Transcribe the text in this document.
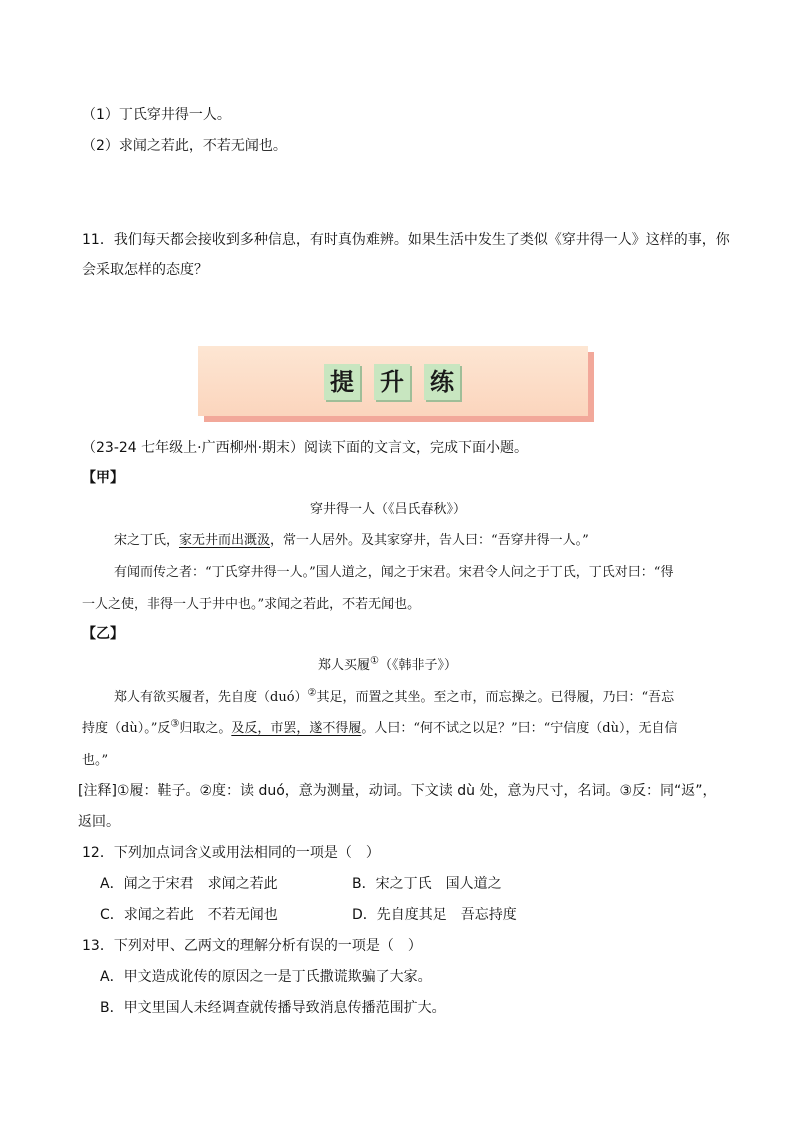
（1）丁氏穿井得一人。
（2）求闻之若此，不若无闻也。
11．我们每天都会接收到多种信息，有时真伪难辨。如果生活中发生了类似《穿井得一人》这样的事，你
会采取怎样的态度？
提 升 练
（23-24 七年级上·广西柳州·期末）阅读下面的文言文，完成下面小题。
【甲】
穿井得一人（《吕氏春秋》）
宋之丁氏，家无井而出溉汲，常一人居外。及其家穿井，告人曰：“吾穿井得一人。”
有闻而传之者：“丁氏穿井得一人。”国人道之，闻之于宋君。宋君令人问之于丁氏，丁氏对曰：“得
一人之使，非得一人于井中也。”求闻之若此，不若无闻也。
【乙】
郑人买履①（《韩非子》）
郑人有欲买履者，先自度（duó）②其足，而置之其坐。至之市，而忘操之。已得履，乃曰：“吾忘
持度（dù）。”反③归取之。及反，市罢，遂不得履。人曰：“何不试之以足？”曰：“宁信度（dù），无自信
也。”
[注释]①履：鞋子。②度：读 duó，意为测量，动词。下文读 dù 处，意为尺寸，名词。③反：同“返”，
返回。
12．下列加点词含义或用法相同的一项是（　）
A．闻之于宋君　求闻之若此	B．宋之丁氏　国人道之
C．求闻之若此　不若无闻也	D．先自度其足　吾忘持度
13．下列对甲、乙两文的理解分析有误的一项是（　）
A．甲文造成讹传的原因之一是丁氏撒谎欺骗了大家。
B．甲文里国人未经调查就传播导致消息传播范围扩大。
